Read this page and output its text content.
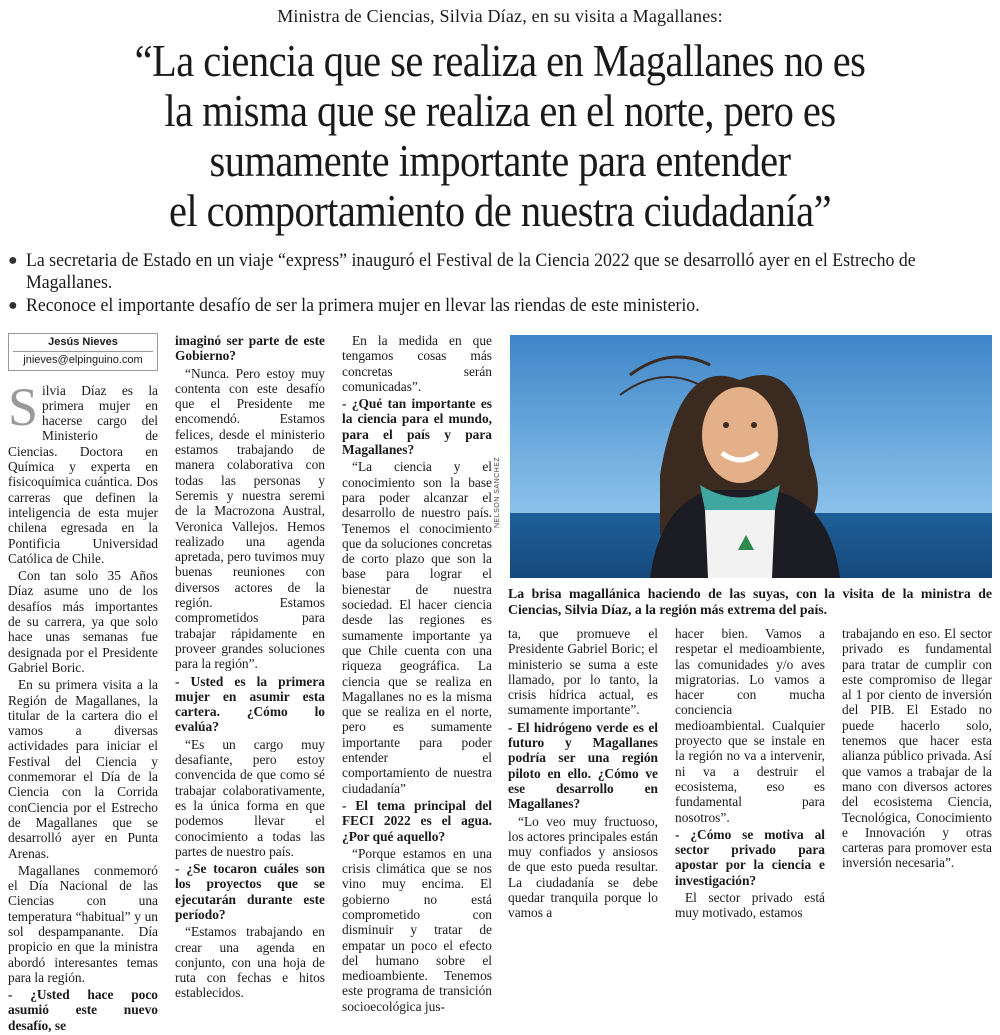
Ministra de Ciencias, Silvia Díaz, en su visita a Magallanes:
“La ciencia que se realiza en Magallanes no es
la misma que se realiza en el norte, pero es
sumamente importante para entender
el comportamiento de nuestra ciudadanía”
● La secretaria de Estado en un viaje “express” inauguró el Festival de la Ciencia 2022 que se desarrolló ayer en el Estrecho de Magallanes.
● Reconoce el importante desafío de ser la primera mujer en llevar las riendas de este ministerio.
Jesús Nieves
jnieves@elpinguino.com

Silvia Díaz es la primera mujer en hacerse cargo del Ministerio de Ciencias. Doctora en Química y experta en fisicoquímica cuántica. Dos carreras que definen la inteligencia de esta mujer chilena egresada en la Pontificia Universidad Católica de Chile.

Con tan solo 35 Años Díaz asume uno de los desafíos más importantes de su carrera, ya que solo hace unas semanas fue designada por el Presidente Gabriel Boric.

En su primera visita a la Región de Magallanes, la titular de la cartera dio el vamos a diversas actividades para iniciar el Festival del Ciencia y conmemorar el Día de la Ciencia con la Corrida conCiencia por el Estrecho de Magallanes que se desarrolló ayer en Punta Arenas.

Magallanes conmemoró el Día Nacional de las Ciencias con una temperatura “habitual” y un sol despampanante. Día propicio en que la ministra abordó interesantes temas para la región.

- ¿Usted hace poco asumió este nuevo desafío, se

imaginó ser parte de este Gobierno?

“Nunca. Pero estoy muy contenta con este desafío que el Presidente me encomendó. Estamos felices, desde el ministerio estamos trabajando de manera colaborativa con todas las personas y Seremis y nuestra seremi de la Macrozona Austral, Veronica Vallejos. Hemos realizado una agenda apretada, pero tuvimos muy buenas reuniones con diversos actores de la región. Estamos comprometidos para trabajar rápidamente en proveer grandes soluciones para la región”.

- Usted es la primera mujer en asumir esta cartera. ¿Cómo lo evalúa?

“Es un cargo muy desafiante, pero estoy convencida de que como sé trabajar colaborativamente, es la única forma en que podemos llevar el conocimiento a todas las partes de nuestro país.

- ¿Se tocaron cuáles son los proyectos que se ejecutarán durante este período?

“Estamos trabajando en crear una agenda en conjunto, con una hoja de ruta con fechas e hitos establecidos.

En la medida en que tengamos cosas más concretas serán comunicadas”.

- ¿Qué tan importante es la ciencia para el mundo, para el país y para Magallanes?

“La ciencia y el conocimiento son la base para poder alcanzar el desarrollo de nuestro país. Tenemos el conocimiento que da soluciones concretas de corto plazo que son la base para lograr el bienestar de nuestra sociedad. El hacer ciencia desde las regiones es sumamente importante ya que Chile cuenta con una riqueza geográfica. La ciencia que se realiza en Magallanes no es la misma que se realiza en el norte, pero es sumamente importante para poder entender el comportamiento de nuestra ciudadanía”

- El tema principal del FECI 2022 es el agua. ¿Por qué aquello?

“Porque estamos en una crisis climática que se nos vino muy encima. El gobierno no está comprometido con disminuir y tratar de empatar un poco el efecto del humano sobre el medioambiente. Tenemos este programa de transición socioecológica jus-

NELSON SANCHEZ
La brisa magallánica haciendo de las suyas, con la visita de la ministra de Ciencias, Silvia Díaz, a la región más extrema del país.

ta, que promueve el Presidente Gabriel Boric; el ministerio se suma a este llamado, por lo tanto, la crisis hídrica actual, es sumamente importante”.

- El hidrógeno verde es el futuro y Magallanes podría ser una región piloto en ello. ¿Cómo ve ese desarrollo en Magallanes?

“Lo veo muy fructuoso, los actores principales están muy confiados y ansiosos de que esto pueda resultar. La ciudadanía se debe quedar tranquila porque lo vamos a

hacer bien. Vamos a respetar el medioambiente, las comunidades y/o aves migratorias. Lo vamos a hacer con mucha conciencia medioambiental. Cualquier proyecto que se instale en la región no va a intervenir, ni va a destruir el ecosistema, eso es fundamental para nosotros”.

- ¿Cómo se motiva al sector privado para apostar por la ciencia e investigación?

El sector privado está muy motivado, estamos

trabajando en eso. El sector privado es fundamental para tratar de cumplir con este compromiso de llegar al 1 por ciento de inversión del PIB. El Estado no puede hacerlo solo, tenemos que hacer esta alianza público privada. Así que vamos a trabajar de la mano con diversos actores del ecosistema Ciencia, Tecnológica, Conocimiento e Innovación y otras carteras para promover esta inversión necesaria”.
